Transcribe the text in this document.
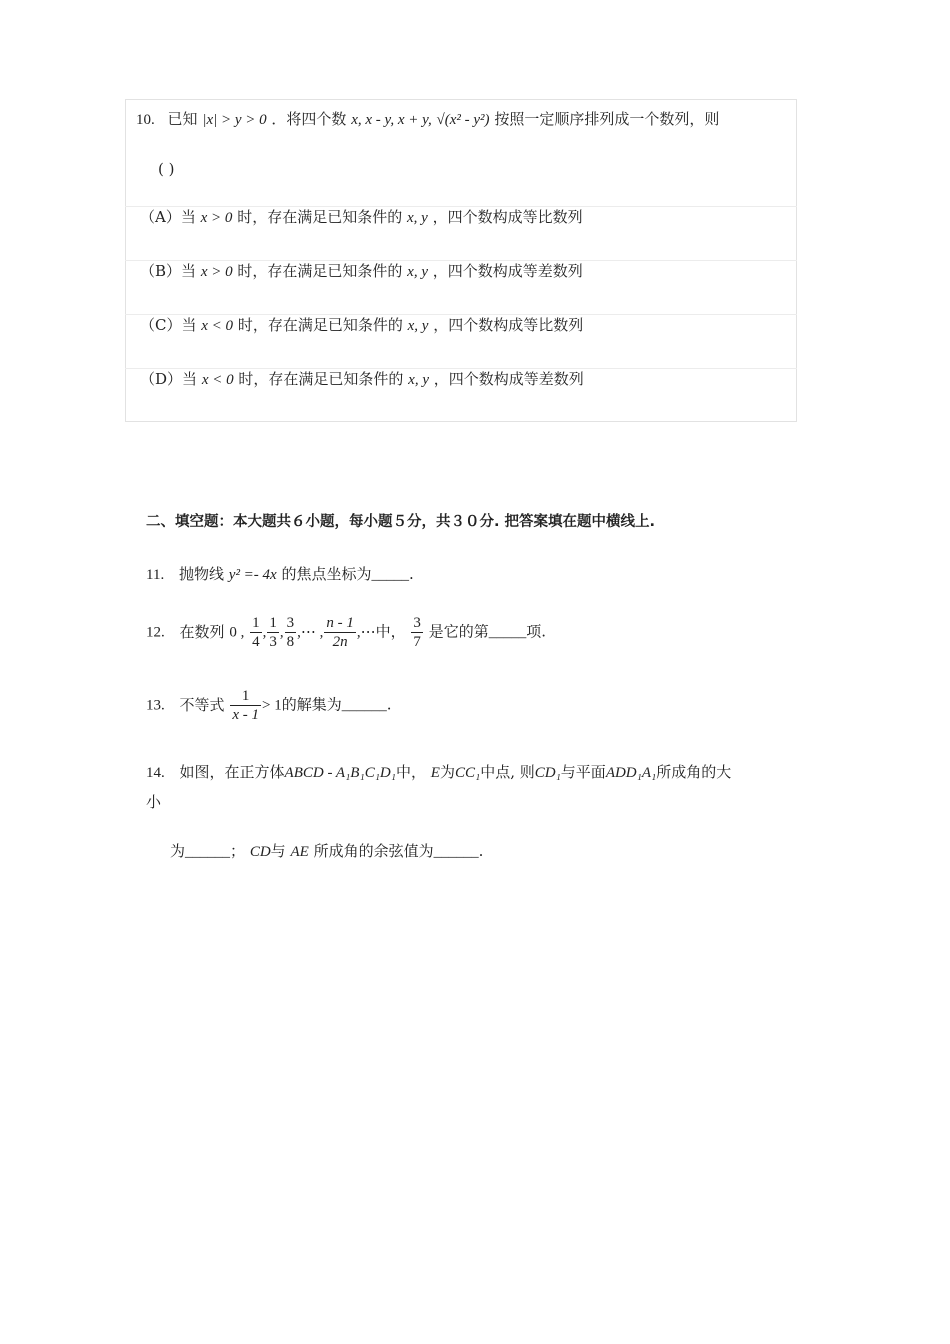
10. 已知 |x| > y > 0 ．将四个数 x, x - y, x + y, √(x² - y²) 按照一定顺序排列成一个数列，则
( )
（A）当 x > 0 时，存在满足已知条件的 x, y ，四个数构成等比数列
（B）当 x > 0 时，存在满足已知条件的 x, y ，四个数构成等差数列
（C）当 x < 0 时，存在满足已知条件的 x, y ，四个数构成等比数列
（D）当 x < 0 时，存在满足已知条件的 x, y ，四个数构成等差数列
二、填空题：本大题共６小题，每小题５分，共３０分. 把答案填在题中横线上.
11. 抛物线 y² =- 4x 的焦点坐标为_____.
12. 在数列 0 , $\frac{1}{4}$ , $\frac{1}{3}$ , $\frac{3}{8}$ ,⋯ , $\frac{n - 1}{2n}$ ,⋯中， $\frac{3}{7}$ 是它的第_____项.
13. 不等式 $\frac{1}{x - 1} > 1$的解集为______.
14. 如图，在正方体ABCD - A₁B₁C₁D₁中， E为CC₁中点, 则CD₁与平面ADD₁A₁所成角的大
小
为______； CD与 AE 所成角的余弦值为______.
